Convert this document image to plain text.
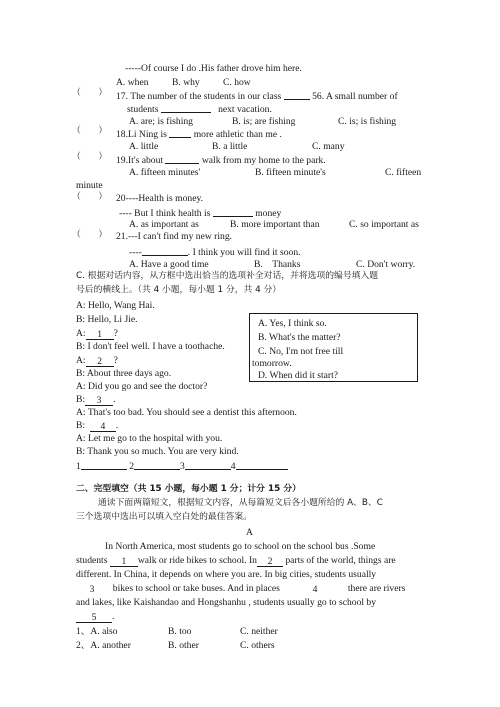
-----Of course I do .His father drove him here.
A. when B. why C. how
（　　） 17. The number of the students in our class	56. A small number of
students	next vacation.
A. are; is fishing	B. is; are fishing	C. is; is fishing
（　　） 18.Li Ning is	more athletic than me .
A. little	B. a little	C. many
（　　） 19.It's about	walk from my home to the park.
A. fifteen minutes'	B. fifteen minute's	C. fifteen
minute
（　　） 20----Health is money.
---- But I think health is	money
A. as important as	B. more important than	C. so important as
（　　） 21.---I can't find my new ring.
----	. I think you will find it soon.
A. Have a good time	B.    Thanks	C. Don't worry.
C. 根据对话内容，从方框中选出恰当的选项补全对话，并将选项的编号填入题
号后的横线上。（共 4 小题，每小题 1 分，共 4 分）
A: Hello, Wang Hai.
B: Hello, Li Jie.
A: 1 ?
B: I don't feel well. I have a toothache.
A: 2 ?
B: About three days ago.
A: Did you go and see the doctor?
B: 3 .
A: That's too bad. You should see a dentist this afternoon.
B: 4 .
A: Let me go to the hospital with you.
B: Thank you so much. You are very kind.
1	2	3	4
A. Yes, I think so.
B. What's the matter?
C. No, I'm not free till
tomorrow.
D. When did it start?
二、完型填空（共 15 小题，每小题 1 分；计分 15 分）
通读下面两篇短文，根据短文内容，从每篇短文后各小题所给的 A、B、C
三个选项中选出可以填入空白处的最佳答案。
A
In North America, most students go to school on the school bus .Some
students 1 walk or ride bikes to school. In 2 parts of the world, things are
different. In China, it depends on where you are. In big cities, students usually
3 bikes to school or take buses. And in places	4	there are rivers
and lakes, like Kaishandao and Hongshanhu , students usually go to school by
5 .
1、A. also	B. too	C. neither
2、A. another	B. other	C. others
